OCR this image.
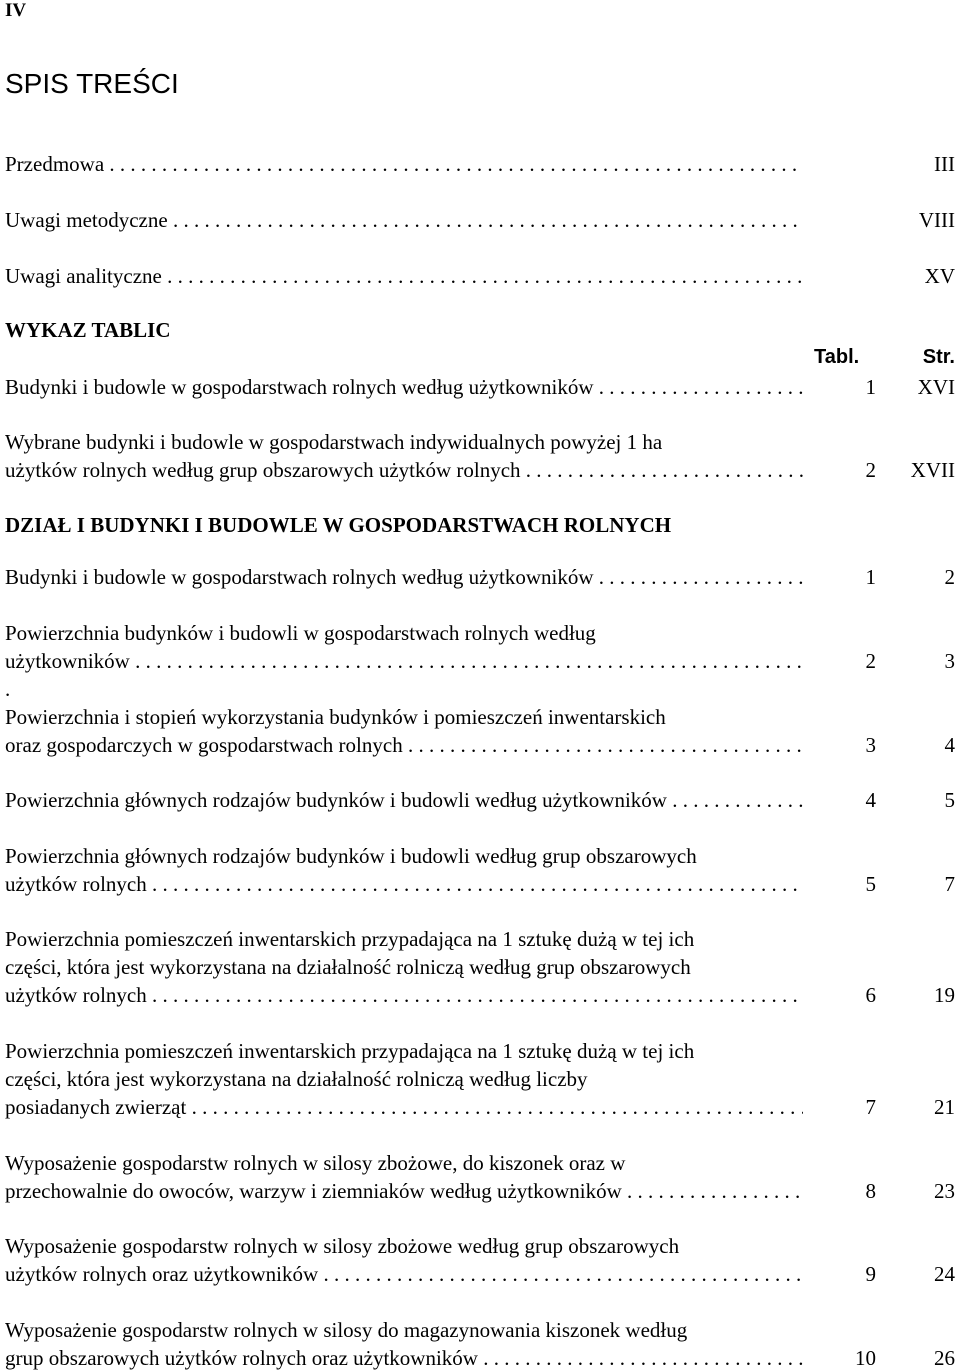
IV
SPIS TREŚCI
Przedmowa . . .	III
Uwagi metodyczne . . .	VIII
Uwagi analityczne . . .	XV
WYKAZ TABLIC
Tabl.	Str.
Budynki i budowle w gospodarstwach rolnych według użytkowników . . .	1 XVI
Wybrane budynki i budowle w gospodarstwach indywidualnych powyżej 1 ha
użytków rolnych według grup obszarowych użytków rolnych . . .	2 XVII
DZIAŁ I BUDYNKI I BUDOWLE W GOSPODARSTWACH ROLNYCH
Budynki i budowle w gospodarstwach rolnych według użytkowników . . .	1	2
Powierzchnia budynków i budowli w gospodarstwach rolnych według
użytkowników . . .	2	3
.
Powierzchnia i stopień wykorzystania budynków i pomieszczeń inwentarskich
oraz gospodarczych w gospodarstwach rolnych . . .	3	4
Powierzchnia głównych rodzajów budynków i budowli według użytkowników . . .	4	5
Powierzchnia głównych rodzajów budynków i budowli według grup obszarowych
użytków rolnych . . .	5	7
Powierzchnia pomieszczeń inwentarskich przypadająca na 1 sztukę dużą w tej ich
części, która jest wykorzystana na działalność rolniczą według grup obszarowych
użytków rolnych . . .	6	19
Powierzchnia pomieszczeń inwentarskich przypadająca na 1 sztukę dużą w tej ich
części, która jest wykorzystana na działalność rolniczą według liczby
posiadanych zwierząt . . .	7	21
Wyposażenie gospodarstw rolnych w silosy zbożowe, do kiszonek oraz w
przechowalnie do owoców, warzyw i ziemniaków według użytkowników . . .	8	23
Wyposażenie gospodarstw rolnych w silosy zbożowe według grup obszarowych
użytków rolnych oraz użytkowników . . .	9	24
Wyposażenie gospodarstw rolnych w silosy do magazynowania kiszonek według
grup obszarowych użytków rolnych oraz użytkowników . . .	10	26
